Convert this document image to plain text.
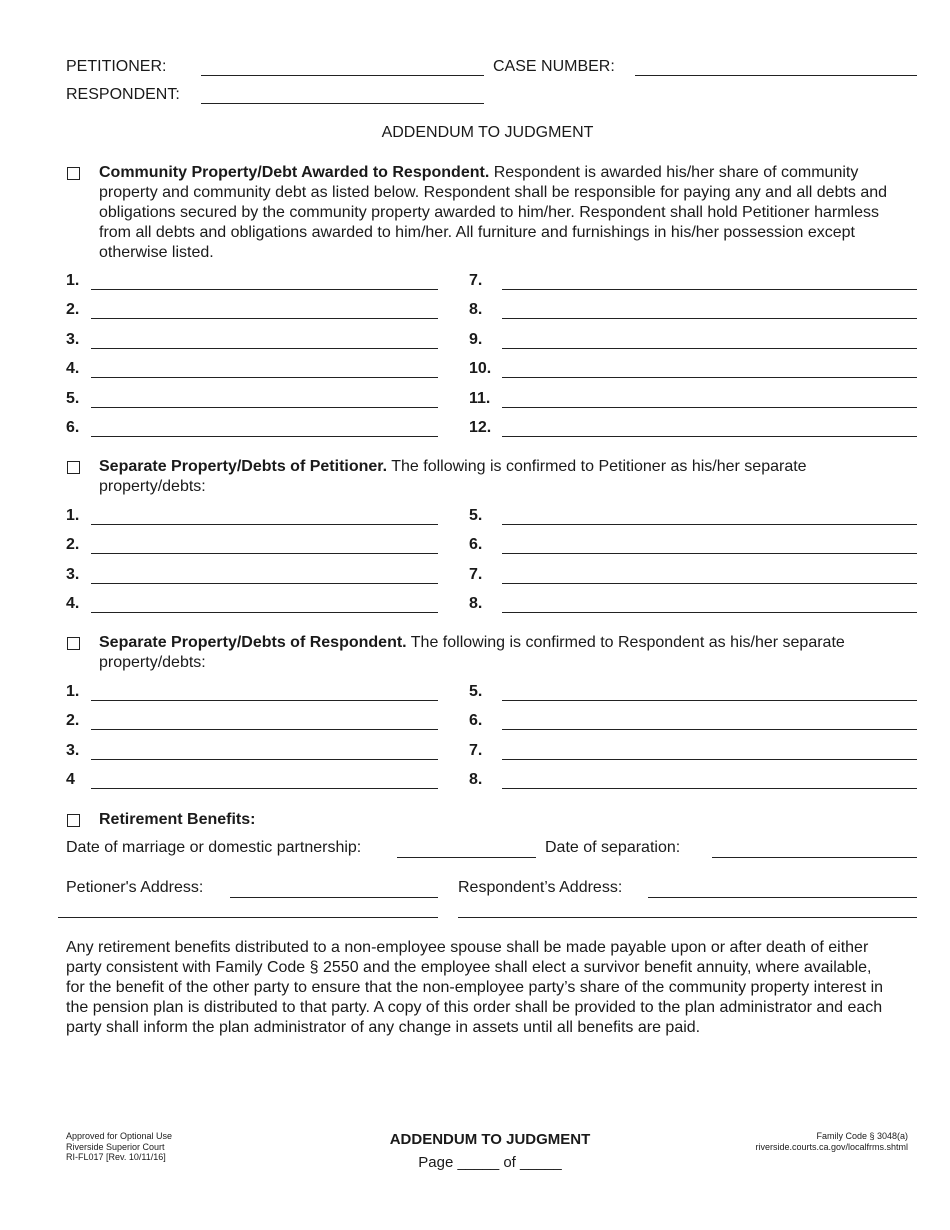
PETITIONER:	CASE NUMBER:
RESPONDENT:
ADDENDUM TO JUDGMENT
Community Property/Debt Awarded to Respondent. Respondent is awarded his/her share of community property and community debt as listed below. Respondent shall be responsible for paying any and all debts and obligations secured by the community property awarded to him/her. Respondent shall hold Petitioner harmless from all debts and obligations awarded to him/her. All furniture and furnishings in his/her possession except otherwise listed.
1.	7.
2.	8.
3.	9.
4.	10.
5.	11.
6.	12.
Separate Property/Debts of Petitioner. The following is confirmed to Petitioner as his/her separate property/debts:
1.	5.
2.	6.
3.	7.
4.	8.
Separate Property/Debts of Respondent. The following is confirmed to Respondent as his/her separate property/debts:
1.	5.
2.	6.
3.	7.
4	8.
Retirement Benefits:
Date of marriage or domestic partnership:	Date of separation:
Petioner's Address:	Respondent’s Address:
Any retirement benefits distributed to a non-employee spouse shall be made payable upon or after death of either party consistent with Family Code § 2550 and the employee shall elect a survivor benefit annuity, where available, for the benefit of the other party to ensure that the non-employee party’s share of the community property interest in the pension plan is distributed to that party. A copy of this order shall be provided to the plan administrator and each party shall inform the plan administrator of any change in assets until all benefits are paid.
Approved for Optional Use
Riverside Superior Court
RI-FL017 [Rev. 10/11/16]
ADDENDUM TO JUDGMENT
Page _____ of _____
Family Code § 3048(a)
riverside.courts.ca.gov/localfrms.shtml
